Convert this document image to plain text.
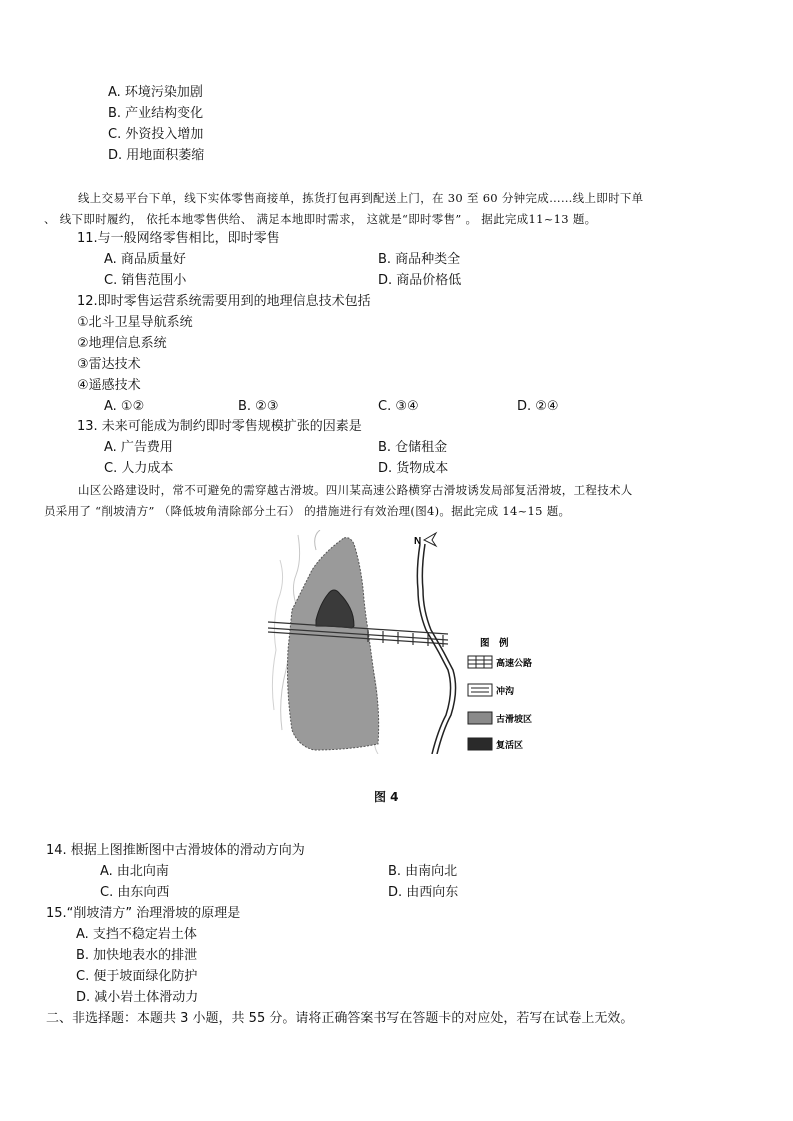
A. 环境污染加剧
B. 产业结构变化
C. 外资投入增加
D. 用地面积萎缩
线上交易平台下单，线下实体零售商接单，拣货打包再到配送上门，在 30 至 60 分钟完成……线上即时下单
、 线下即时履约， 依托本地零售供给、 满足本地即时需求， 这就是“即时零售” 。 据此完成11~13 题。
11.与一般网络零售相比，即时零售
A. 商品质量好	B. 商品种类全
C. 销售范围小	D. 商品价格低
12.即时零售运营系统需要用到的地理信息技术包括
①北斗卫星导航系统
②地理信息系统
③雷达技术
④遥感技术
A. ①②	B. ②③	C. ③④	D. ②④
13. 未来可能成为制约即时零售规模扩张的因素是
A. 广告费用	B. 仓储租金
C. 人力成本	D. 货物成本
山区公路建设时，常不可避免的需穿越古滑坡。四川某高速公路横穿古滑坡诱发局部复活滑坡，工程技术人
员采用了 “削坡清方” （降低坡角清除部分土石） 的措施进行有效治理(图4)。据此完成 14~15 题。
N
图　例
高速公路
冲沟
古滑坡区
复活区
图 4
14. 根据上图推断图中古滑坡体的滑动方向为
A. 由北向南	B. 由南向北
C. 由东向西	D. 由西向东
15.“削坡清方” 治理滑坡的原理是
A. 支挡不稳定岩土体
B. 加快地表水的排泄
C. 便于坡面绿化防护
D. 减小岩土体滑动力
二、非选择题：本题共 3 小题，共 55 分。请将正确答案书写在答题卡的对应处，若写在试卷上无效。
